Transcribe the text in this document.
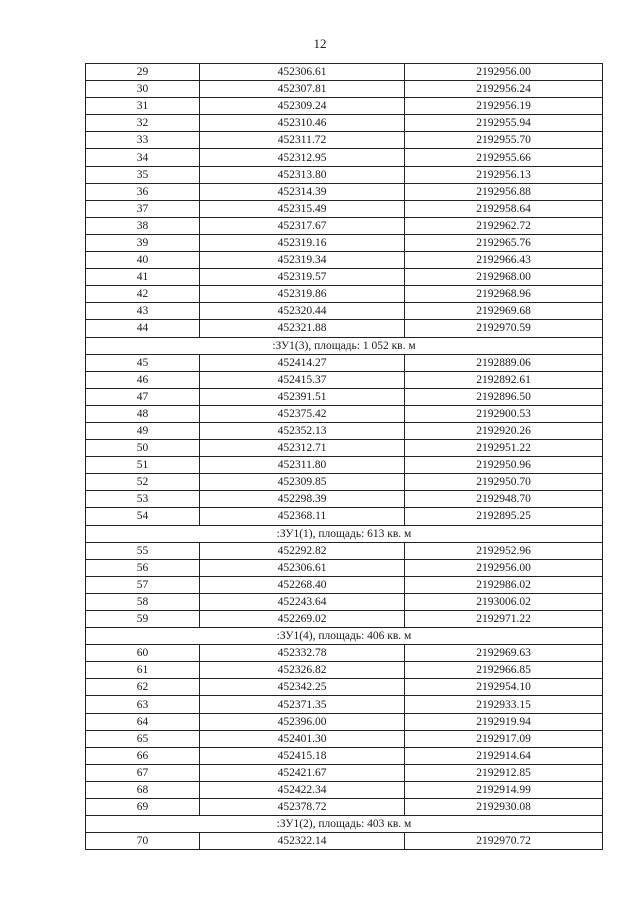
12
29	452306.61	2192956.00
30	452307.81	2192956.24
31	452309.24	2192956.19
32	452310.46	2192955.94
33	452311.72	2192955.70
34	452312.95	2192955.66
35	452313.80	2192956.13
36	452314.39	2192956.88
37	452315.49	2192958.64
38	452317.67	2192962.72
39	452319.16	2192965.76
40	452319.34	2192966.43
41	452319.57	2192968.00
42	452319.86	2192968.96
43	452320.44	2192969.68
44	452321.88	2192970.59
:ЗУ1(3), площадь: 1 052 кв. м		
45	452414.27	2192889.06
46	452415.37	2192892.61
47	452391.51	2192896.50
48	452375.42	2192900.53
49	452352.13	2192920.26
50	452312.71	2192951.22
51	452311.80	2192950.96
52	452309.85	2192950.70
53	452298.39	2192948.70
54	452368.11	2192895.25
:ЗУ1(1), площадь: 613 кв. м		
55	452292.82	2192952.96
56	452306.61	2192956.00
57	452268.40	2192986.02
58	452243.64	2193006.02
59	452269.02	2192971.22
:ЗУ1(4), площадь: 406 кв. м		
60	452332.78	2192969.63
61	452326.82	2192966.85
62	452342.25	2192954.10
63	452371.35	2192933.15
64	452396.00	2192919.94
65	452401.30	2192917.09
66	452415.18	2192914.64
67	452421.67	2192912.85
68	452422.34	2192914.99
69	452378.72	2192930.08
:ЗУ1(2), площадь: 403 кв. м		
70	452322.14	2192970.72
